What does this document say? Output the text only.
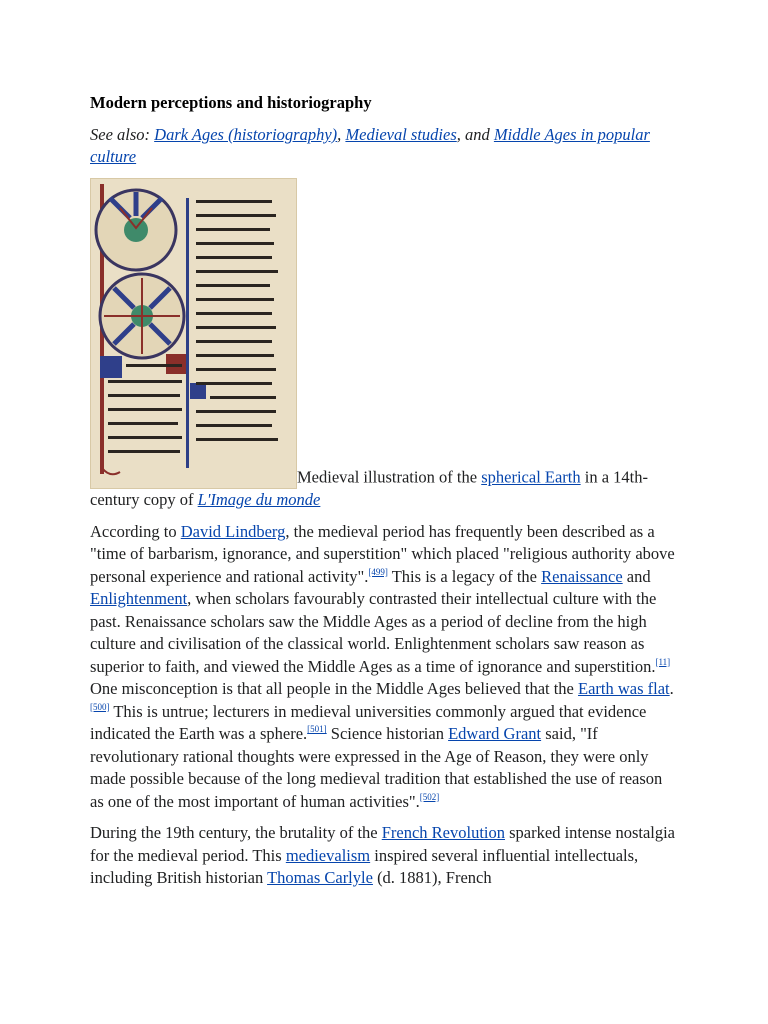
Modern perceptions and historiography
See also: Dark Ages (historiography), Medieval studies, and Middle Ages in popular culture
Medieval illustration of the spherical Earth in a 14th-century copy of L'Image du monde

According to David Lindberg, the medieval period has frequently been described as a "time of barbarism, ignorance, and superstition" which placed "religious authority above personal experience and rational activity".[499] This is a legacy of the Renaissance and Enlightenment, when scholars favourably contrasted their intellectual culture with the past. Renaissance scholars saw the Middle Ages as a period of decline from the high culture and civilisation of the classical world. Enlightenment scholars saw reason as superior to faith, and viewed the Middle Ages as a time of ignorance and superstition.[11] One misconception is that all people in the Middle Ages believed that the Earth was flat.[500] This is untrue; lecturers in medieval universities commonly argued that evidence indicated the Earth was a sphere.[501] Science historian Edward Grant said, "If revolutionary rational thoughts were expressed in the Age of Reason, they were only made possible because of the long medieval tradition that established the use of reason as one of the most important of human activities".[502]

During the 19th century, the brutality of the French Revolution sparked intense nostalgia for the medieval period. This medievalism inspired several influential intellectuals, including British historian Thomas Carlyle (d. 1881), French
